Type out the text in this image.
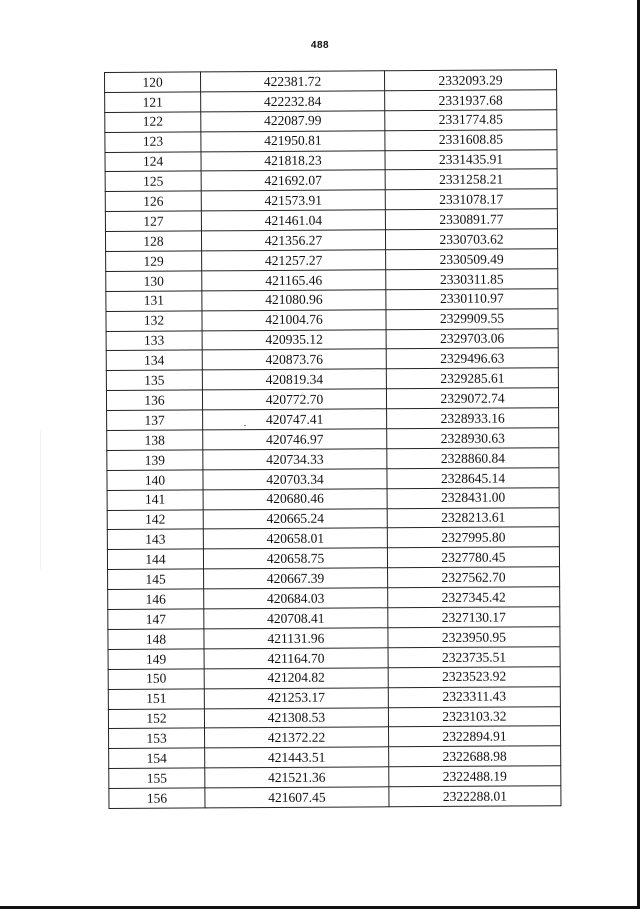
488
120	422381.72	2332093.29
121	422232.84	2331937.68
122	422087.99	2331774.85
123	421950.81	2331608.85
124	421818.23	2331435.91
125	421692.07	2331258.21
126	421573.91	2331078.17
127	421461.04	2330891.77
128	421356.27	2330703.62
129	421257.27	2330509.49
130	421165.46	2330311.85
131	421080.96	2330110.97
132	421004.76	2329909.55
133	420935.12	2329703.06
134	420873.76	2329496.63
135	420819.34	2329285.61
136	420772.70	2329072.74
137	420747.41	2328933.16
138	420746.97	2328930.63
139	420734.33	2328860.84
140	420703.34	2328645.14
141	420680.46	2328431.00
142	420665.24	2328213.61
143	420658.01	2327995.80
144	420658.75	2327780.45
145	420667.39	2327562.70
146	420684.03	2327345.42
147	420708.41	2327130.17
148	421131.96	2323950.95
149	421164.70	2323735.51
150	421204.82	2323523.92
151	421253.17	2323311.43
152	421308.53	2323103.32
153	421372.22	2322894.91
154	421443.51	2322688.98
155	421521.36	2322488.19
156	421607.45	2322288.01
